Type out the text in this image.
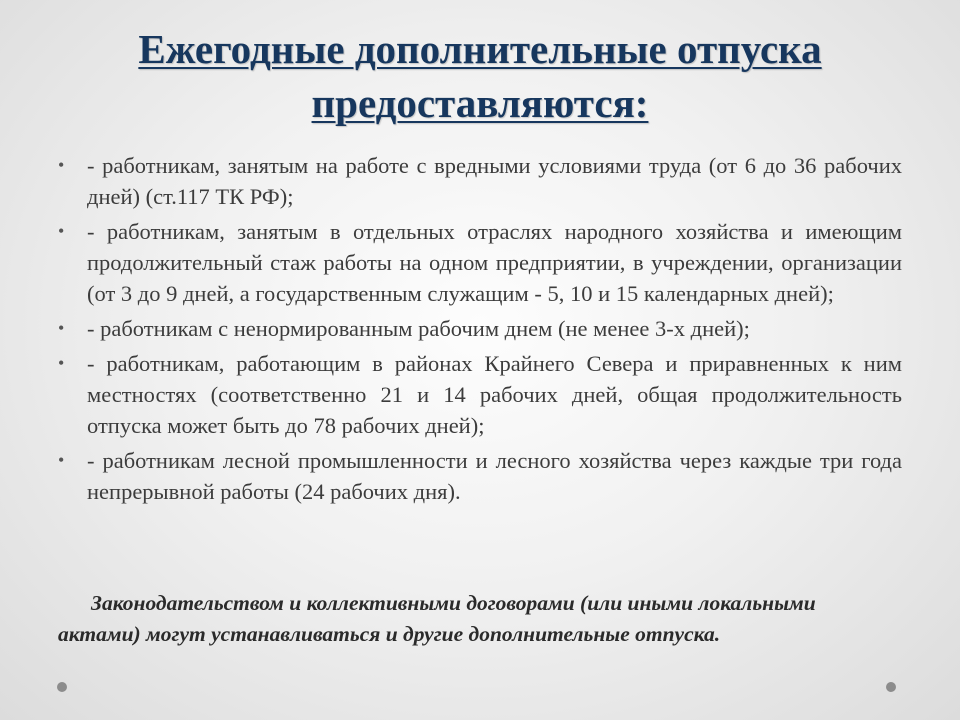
Ежегодные дополнительные отпуска
предоставляются:
• - работникам, занятым на работе с вредными условиями труда (от 6 до 36 рабочих дней) (ст.117 ТК РФ);
• - работникам, занятым в отдельных отраслях народного хозяйства и имеющим продолжительный стаж работы на одном предприятии, в учреждении, организации (от 3 до 9 дней, а государственным служащим - 5, 10 и 15 календарных дней);
• - работникам с ненормированным рабочим днем (не менее 3-х дней);
• - работникам, работающим в районах Крайнего Севера и приравненных к ним местностях (соответственно 21 и 14 рабочих дней, общая продолжительность отпуска может быть до 78 рабочих дней);
• - работникам лесной промышленности и лесного хозяйства через каждые три года непрерывной работы (24 рабочих дня).
Законодательством и коллективными договорами (или иными локальными актами) могут устанавливаться и другие дополнительные отпуска.
